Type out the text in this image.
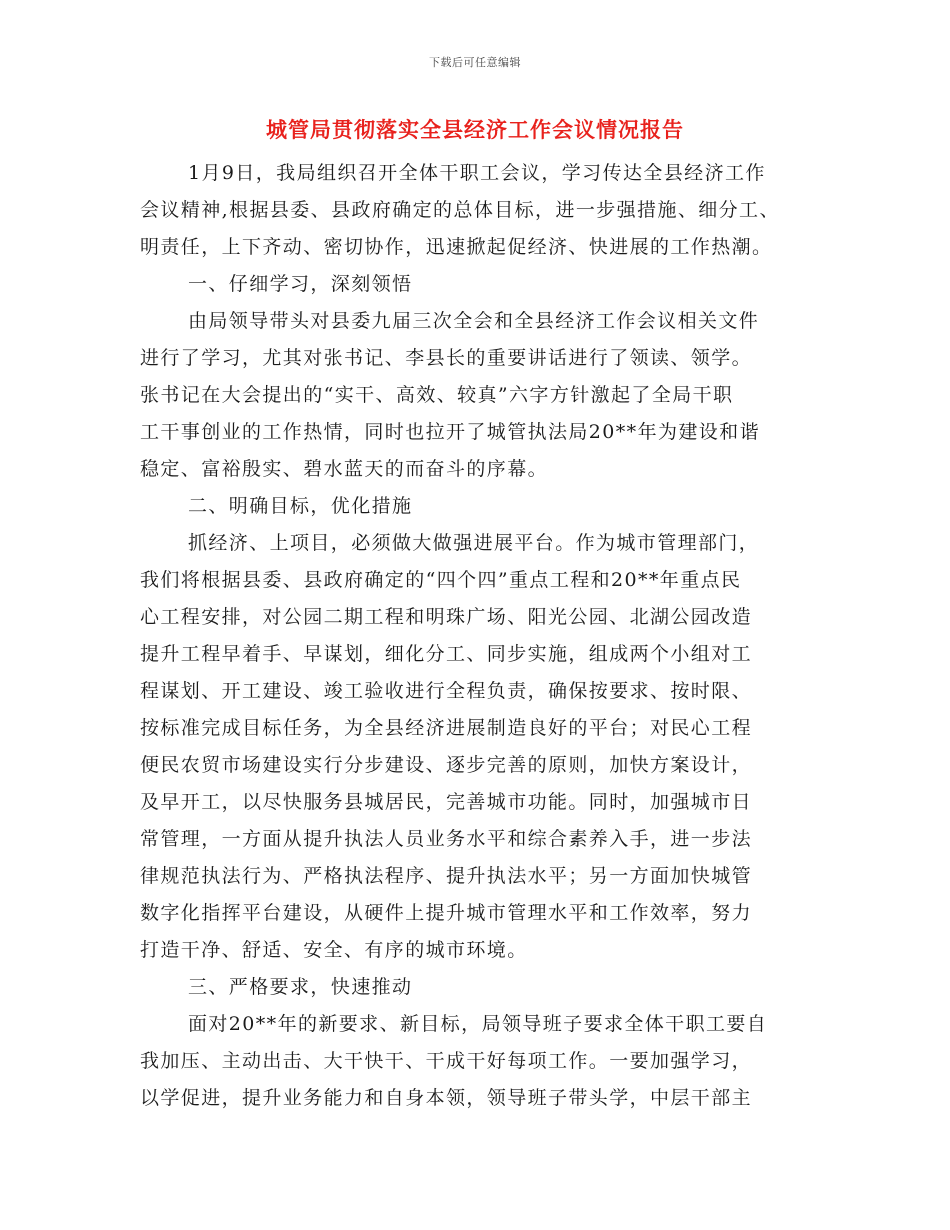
下载后可任意编辑
城管局贯彻落实全县经济工作会议情况报告
1月9日，我局组织召开全体干职工会议，学习传达全县经济工作
会议精神,根据县委、县政府确定的总体目标，进一步强措施、细分工、
明责任，上下齐动、密切协作，迅速掀起促经济、快进展的工作热潮。
一、仔细学习，深刻领悟
由局领导带头对县委九届三次全会和全县经济工作会议相关文件
进行了学习，尤其对张书记、李县长的重要讲话进行了领读、领学。
张书记在大会提出的“实干、高效、较真”六字方针激起了全局干职
工干事创业的工作热情，同时也拉开了城管执法局20**年为建设和谐
稳定、富裕殷实、碧水蓝天的而奋斗的序幕。
二、明确目标，优化措施
抓经济、上项目，必须做大做强进展平台。作为城市管理部门，
我们将根据县委、县政府确定的“四个四”重点工程和20**年重点民
心工程安排，对公园二期工程和明珠广场、阳光公园、北湖公园改造
提升工程早着手、早谋划，细化分工、同步实施，组成两个小组对工
程谋划、开工建设、竣工验收进行全程负责，确保按要求、按时限、
按标准完成目标任务，为全县经济进展制造良好的平台；对民心工程
便民农贸市场建设实行分步建设、逐步完善的原则，加快方案设计，
及早开工，以尽快服务县城居民，完善城市功能。同时，加强城市日
常管理，一方面从提升执法人员业务水平和综合素养入手，进一步法
律规范执法行为、严格执法程序、提升执法水平；另一方面加快城管
数字化指挥平台建设，从硬件上提升城市管理水平和工作效率，努力
打造干净、舒适、安全、有序的城市环境。
三、严格要求，快速推动
面对20**年的新要求、新目标，局领导班子要求全体干职工要自
我加压、主动出击、大干快干、干成干好每项工作。一要加强学习，
以学促进，提升业务能力和自身本领，领导班子带头学，中层干部主
